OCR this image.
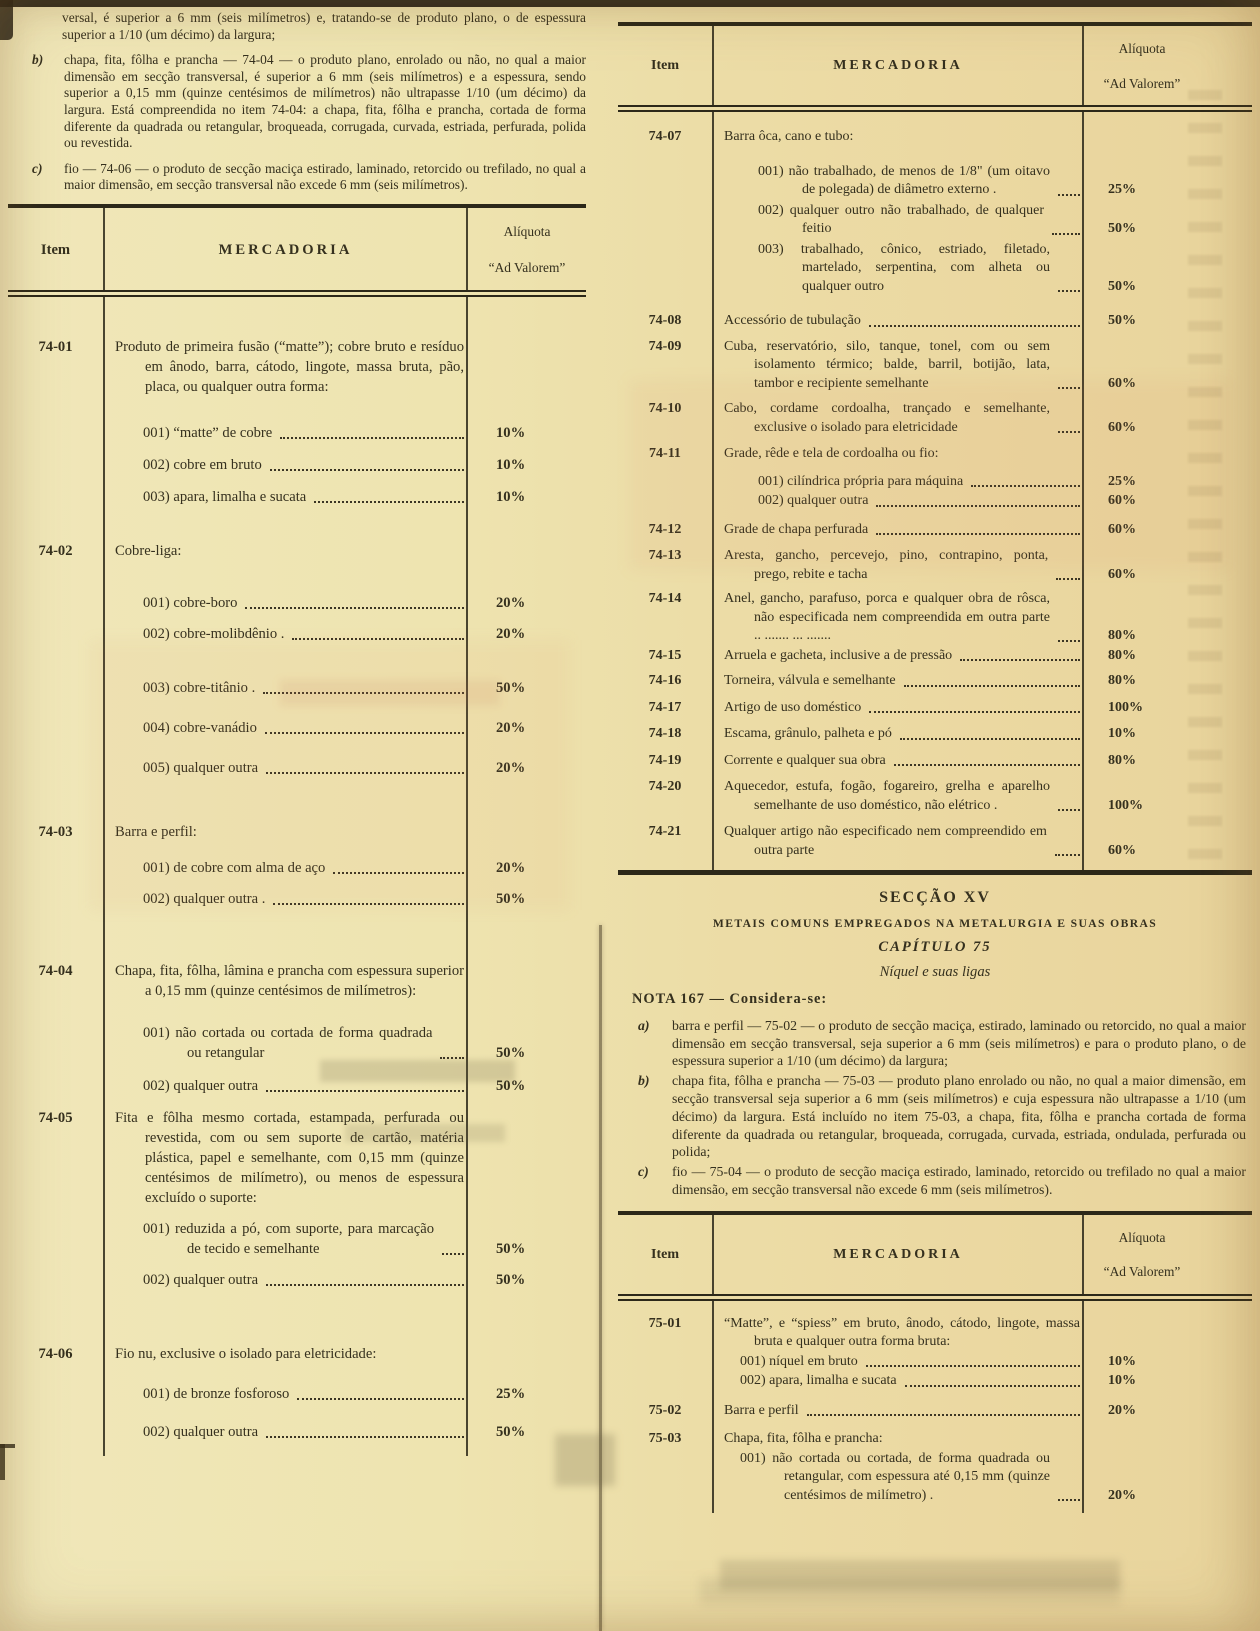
versal, é superior a 6 mm (seis milímetros) e, tratando-se de produto plano, o de espessura superior a 1/10 (um décimo) da largura;

b)	chapa, fita, fôlha e prancha — 74-04 — o produto plano, enrolado ou não, no qual a maior dimensão em secção transversal, é superior a 6 mm (seis milímetros) e a espessura, sendo superior a 0,15 mm (quinze centésimos de milímetros) não ultrapasse 1/10 (um décimo) da largura. Está compreendida no item 74-04: a chapa, fita, fôlha e prancha, cortada de forma diferente da quadrada ou retangular, broqueada, corrugada, curvada, estriada, perfurada, polida ou revestida.

c)	fio — 74-06 — o produto de secção maciça estirado, laminado, retorcido ou trefilado, no qual a maior dimensão, em secção transversal não excede 6 mm (seis milímetros).

Item	MERCADORIA

Alíquota

“Ad Valorem”

74-01	Produto de primeira fusão (“matte”); cobre bruto e resíduo em ânodo, barra, cátodo, lingote, massa bruta, pão, placa, ou qualquer outra forma:
001) “matte” de cobre	10%
002) cobre em bruto	10%
003) apara, limalha e sucata	10%
74-02	Cobre-liga:
001) cobre-boro	20%
002) cobre-molibdênio .	20%
003) cobre-titânio .	50%
004) cobre-vanádio	20%
005) qualquer outra	20%
74-03	Barra e perfil:
001) de cobre com alma de aço	20%
002) qualquer outra .	50%
74-04	Chapa, fita, fôlha, lâmina e prancha com espessura superior a 0,15 mm (quinze centésimos de milímetros):
001) não cortada ou cortada de forma quadrada ou retangular	50%
002) qualquer outra	50%
74-05	Fita e fôlha mesmo cortada, estampada, perfurada ou revestida, com ou sem suporte de cartão, matéria plástica, papel e semelhante, com 0,15 mm (quinze centésimos de milímetro), ou menos de espessura excluído o suporte:
001) reduzida a pó, com suporte, para marcação de tecido e semelhante	50%
002) qualquer outra	50%
74-06	Fio nu, exclusive o isolado para eletricidade:
001) de bronze fosforoso	25%
002) qualquer outra	50%
Item	MERCADORIA

Alíquota

“Ad Valorem”

74-07	Barra ôca, cano e tubo:
001) não trabalhado, de menos de 1/8" (um oitavo de polegada) de diâmetro externo .	25%
002) qualquer outro não trabalhado, de qualquer feitio	50%
003) trabalhado, cônico, estriado, filetado, martelado, serpentina, com alheta ou qualquer outro	50%
74-08	Accessório de tubulação	50%
74-09	Cuba, reservatório, silo, tanque, tonel, com ou sem isolamento térmico; balde, barril, botijão, lata, tambor e recipiente semelhante	60%
74-10	Cabo, cordame cordoalha, trançado e semelhante, exclusive o isolado para eletricidade	60%
74-11	Grade, rêde e tela de cordoalha ou fio:
001) cilíndrica própria para máquina	25%
002) qualquer outra	60%
74-12	Grade de chapa perfurada	60%
74-13	Aresta, gancho, percevejo, pino, contrapino, ponta, prego, rebite e tacha	60%
74-14	Anel, gancho, parafuso, porca e qualquer obra de rôsca, não especificada nem compreendida em outra parte .. ....... ... .......	80%
74-15	Arruela e gacheta, inclusive a de pressão	80%
74-16	Torneira, válvula e semelhante	80%
74-17	Artigo de uso doméstico	100%
74-18	Escama, grânulo, palheta e pó	10%
74-19	Corrente e qualquer sua obra	80%
74-20	Aquecedor, estufa, fogão, fogareiro, grelha e aparelho semelhante de uso doméstico, não elétrico .	100%
74-21	Qualquer artigo não especificado nem compreendido em outra parte	60%

SECÇÃO XV

METAIS COMUNS EMPREGADOS NA METALURGIA E SUAS OBRAS

CAPÍTULO 75

Níquel e suas ligas

NOTA 167 — Considera-se:

a)	barra e perfil — 75-02 — o produto de secção maciça, estirado, laminado ou retorcido, no qual a maior dimensão em secção transversal, seja superior a 6 mm (seis milímetros) e para o produto plano, o de espessura superior a 1/10 (um décimo) da largura;

b)	chapa fita, fôlha e prancha — 75-03 — produto plano enrolado ou não, no qual a maior dimensão, em secção transversal seja superior a 6 mm (seis milímetros) e cuja espessura não ultrapasse a 1/10 (um décimo) da largura. Está incluído no item 75-03, a chapa, fita, fôlha e prancha cortada de forma diferente da quadrada ou retangular, broqueada, corrugada, curvada, estriada, ondulada, perfurada ou polida;

c)	fio — 75-04 — o produto de secção maciça estirado, laminado, retorcido ou trefilado no qual a maior dimensão, em secção transversal não excede 6 mm (seis milímetros).

Item	MERCADORIA

Alíquota

“Ad Valorem”

75-01	“Matte”, e “spiess” em bruto, ânodo, cátodo, lingote, massa bruta e qualquer outra forma bruta:
001) níquel em bruto	10%
002) apara, limalha e sucata	10%
75-02	Barra e perfil	20%
75-03	Chapa, fita, fôlha e prancha:
001) não cortada ou cortada, de forma quadrada ou retangular, com espessura até 0,15 mm (quinze centésimos de milímetro) .	20%
